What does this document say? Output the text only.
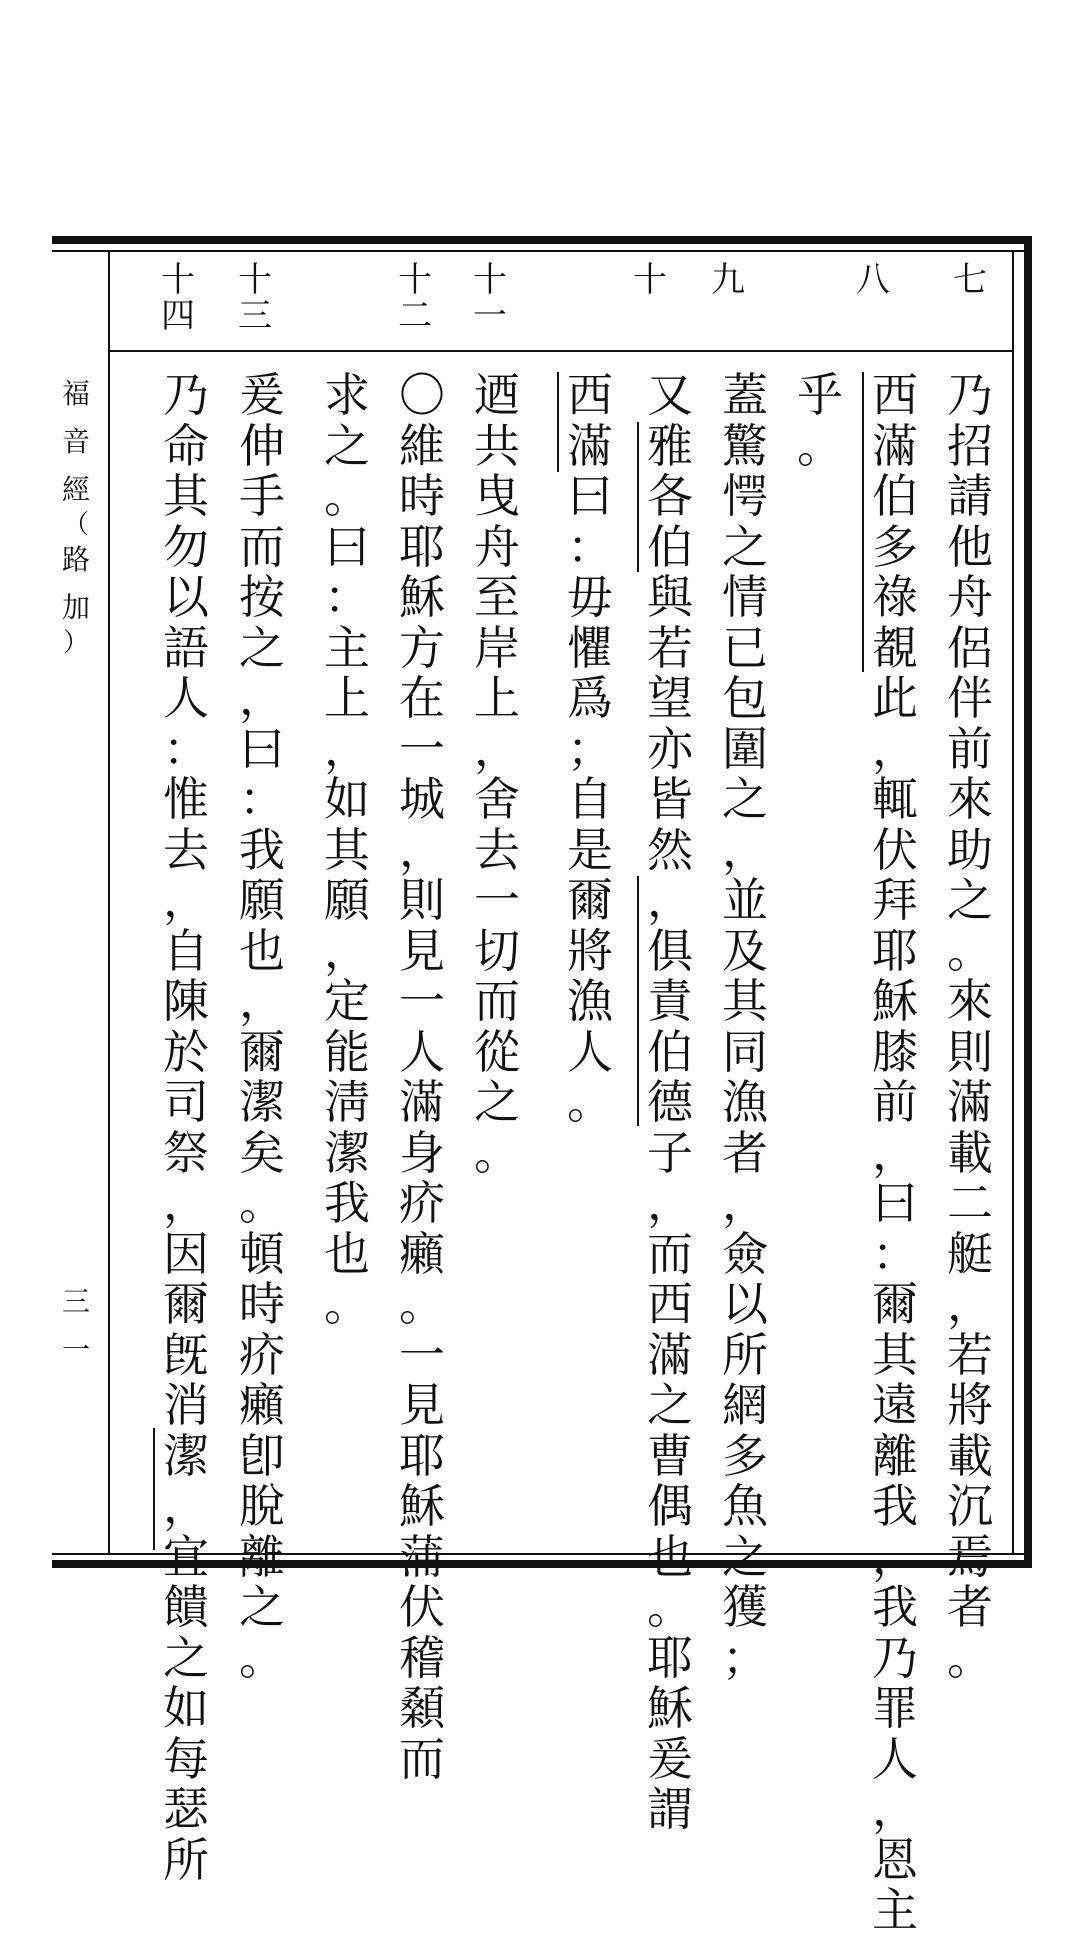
福
音
經
（
路
加
）
三
一
七
八
九
十
十
一
十
二
十
三
十
四
乃
招
請
他
舟
侶
伴
前
來
助
之
。
來
則
滿
載
二
艇
，
若
將
載
沉
焉
者
。
西
滿
伯
多
祿
覩
此
，
輒
伏
拜
耶
穌
膝
前
，
曰
：
爾
其
遠
離
我
，
我
乃
罪
人
，
恩
主
乎
。
蓋
驚
愕
之
情
已
包
圍
之
，
並
及
其
同
漁
者
，
僉
以
所
網
多
魚
之
獲
；
又
雅
各
伯
與
若
望
亦
皆
然
，
俱
責
伯
德
子
，
而
西
滿
之
曹
偶
也
。
耶
穌
爰
謂
西
滿
曰
：
毋
懼
爲
；
自
是
爾
將
漁
人
。
迺
共
曳
舟
至
岸
上
，
舍
去
一
切
而
從
之
。
〇
維
時
耶
穌
方
在
一
城
，
則
見
一
人
滿
身
疥
癩
。
一
見
耶
穌
蒲
伏
稽
顙
而
求
之
。
曰
：
主
上
，
如
其
願
，
定
能
淸
潔
我
也
。
爰
伸
手
而
按
之
，
曰
：
我
願
也
，
爾
潔
矣
。
頓
時
疥
癩
卽
脫
離
之
。
乃
命
其
勿
以
語
人
：
惟
去
，
自
陳
於
司
祭
，
因
爾
旣
消
潔
，
宜
饋
之
如
每
瑟
所
